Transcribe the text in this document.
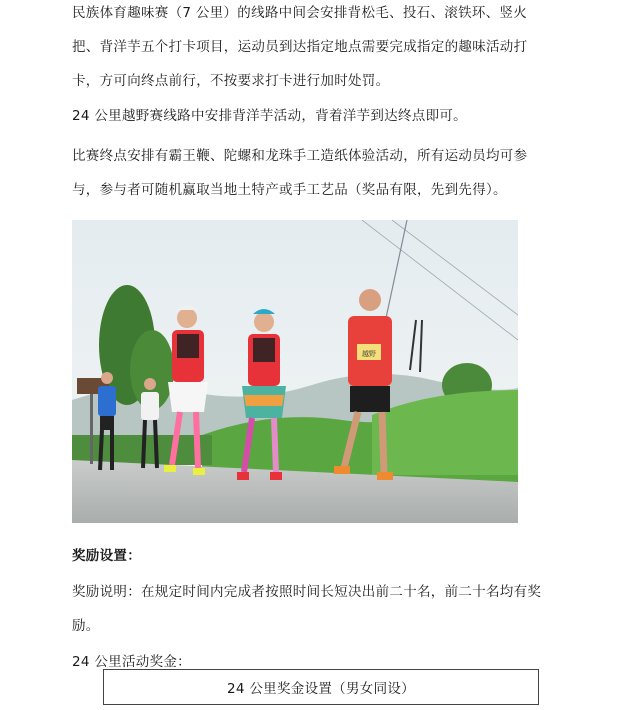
民族体育趣味赛（7 公里）的线路中间会安排背松毛、投石、滚铁环、竖火把、背洋芋五个打卡项目，运动员到达指定地点需要完成指定的趣味活动打卡，方可向终点前行，不按要求打卡进行加时处罚。

24 公里越野赛线路中安排背洋芋活动，背着洋芋到达终点即可。

比赛终点安排有霸王鞭、陀螺和龙珠手工造纸体验活动，所有运动员均可参与，参与者可随机赢取当地土特产或手工艺品（奖品有限，先到先得）。

越野

奖励设置：

奖励说明：在规定时间内完成者按照时间长短决出前二十名，前二十名均有奖励。

24 公里活动奖金：

24 公里奖金设置（男女同设）
